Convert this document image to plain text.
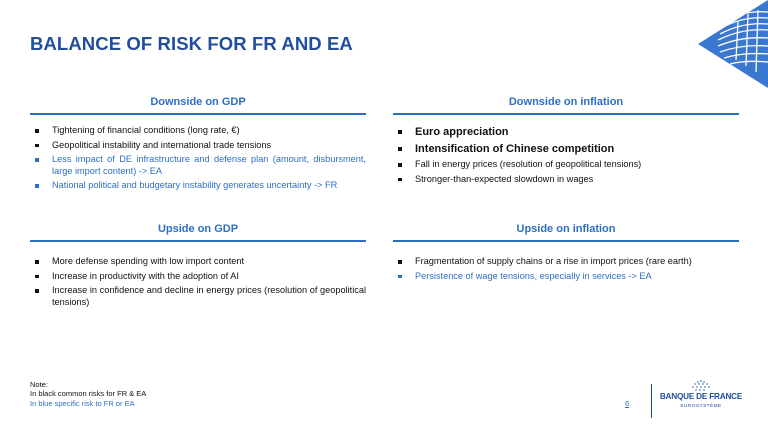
BALANCE OF RISK FOR FR AND EA
Downside on GDP
Tightening of financial conditions (long rate, €)
Geopolitical instability and international trade tensions
Less impact of DE infrastructure and defense plan (amount, disbursment, large import content) -> EA
National political and budgetary instability generates uncertainty -> FR
Downside on inflation
Euro appreciation
Intensification of Chinese competition
Fall in energy prices (resolution of geopolitical tensions)
Stronger-than-expected slowdown in wages
Upside on GDP
More defense spending with low import content
Increase in productivity with the adoption of AI
Increase in confidence and decline in energy prices (resolution of geopolitical tensions)
Upside on inflation
Fragmentation of supply chains or a rise in import prices (rare earth)
Persistence of wage tensions, especially in services -> EA
Note:
In black common risks for FR & EA
In blue specific risk to FR or EA	6
BANQUE DE FRANCE
EUROSYSTÈME
